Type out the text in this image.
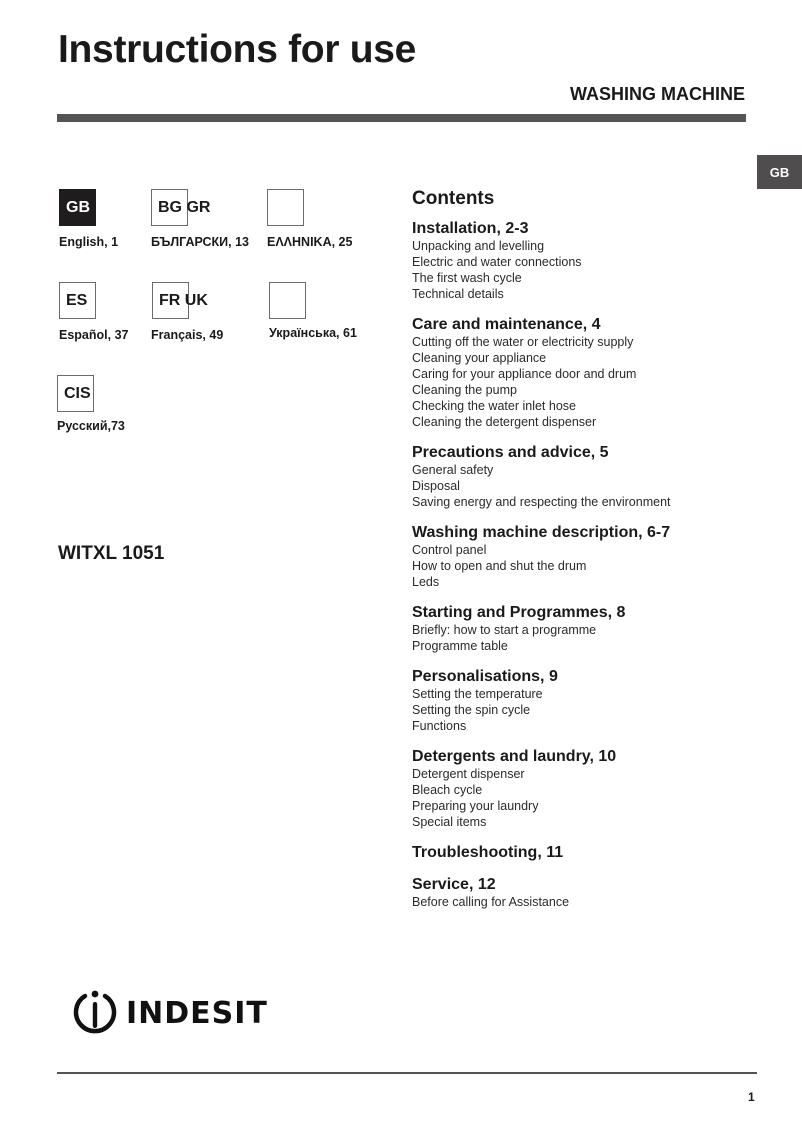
Instructions for use
WASHING MACHINE
GB
GB
English, 1
BG GR
БЪЛГАРСКИ, 13 ΕΛΛΗΝΙΚΑ, 25
ES
Español, 37
FR UK
Français, 49	Українська, 61
CIS
Русский,73
WITXL 1051
Contents
Installation, 2-3
Unpacking and levelling
Electric and water connections
The first wash cycle
Technical details
Care and maintenance, 4
Cutting off the water or electricity supply
Cleaning your appliance
Caring for your appliance door and drum
Cleaning the pump
Checking the water inlet hose
Cleaning the detergent dispenser
Precautions and advice, 5
General safety
Disposal
Saving energy and respecting the environment
Washing machine description, 6-7
Control panel
How to open and shut the drum
Leds
Starting and Programmes, 8
Briefly: how to start a programme
Programme table
Personalisations, 9
Setting the temperature
Setting the spin cycle
Functions
Detergents and laundry, 10
Detergent dispenser
Bleach cycle
Preparing your laundry
Special items
Troubleshooting, 11
Service, 12
Before calling for Assistance
INDESIT
1
